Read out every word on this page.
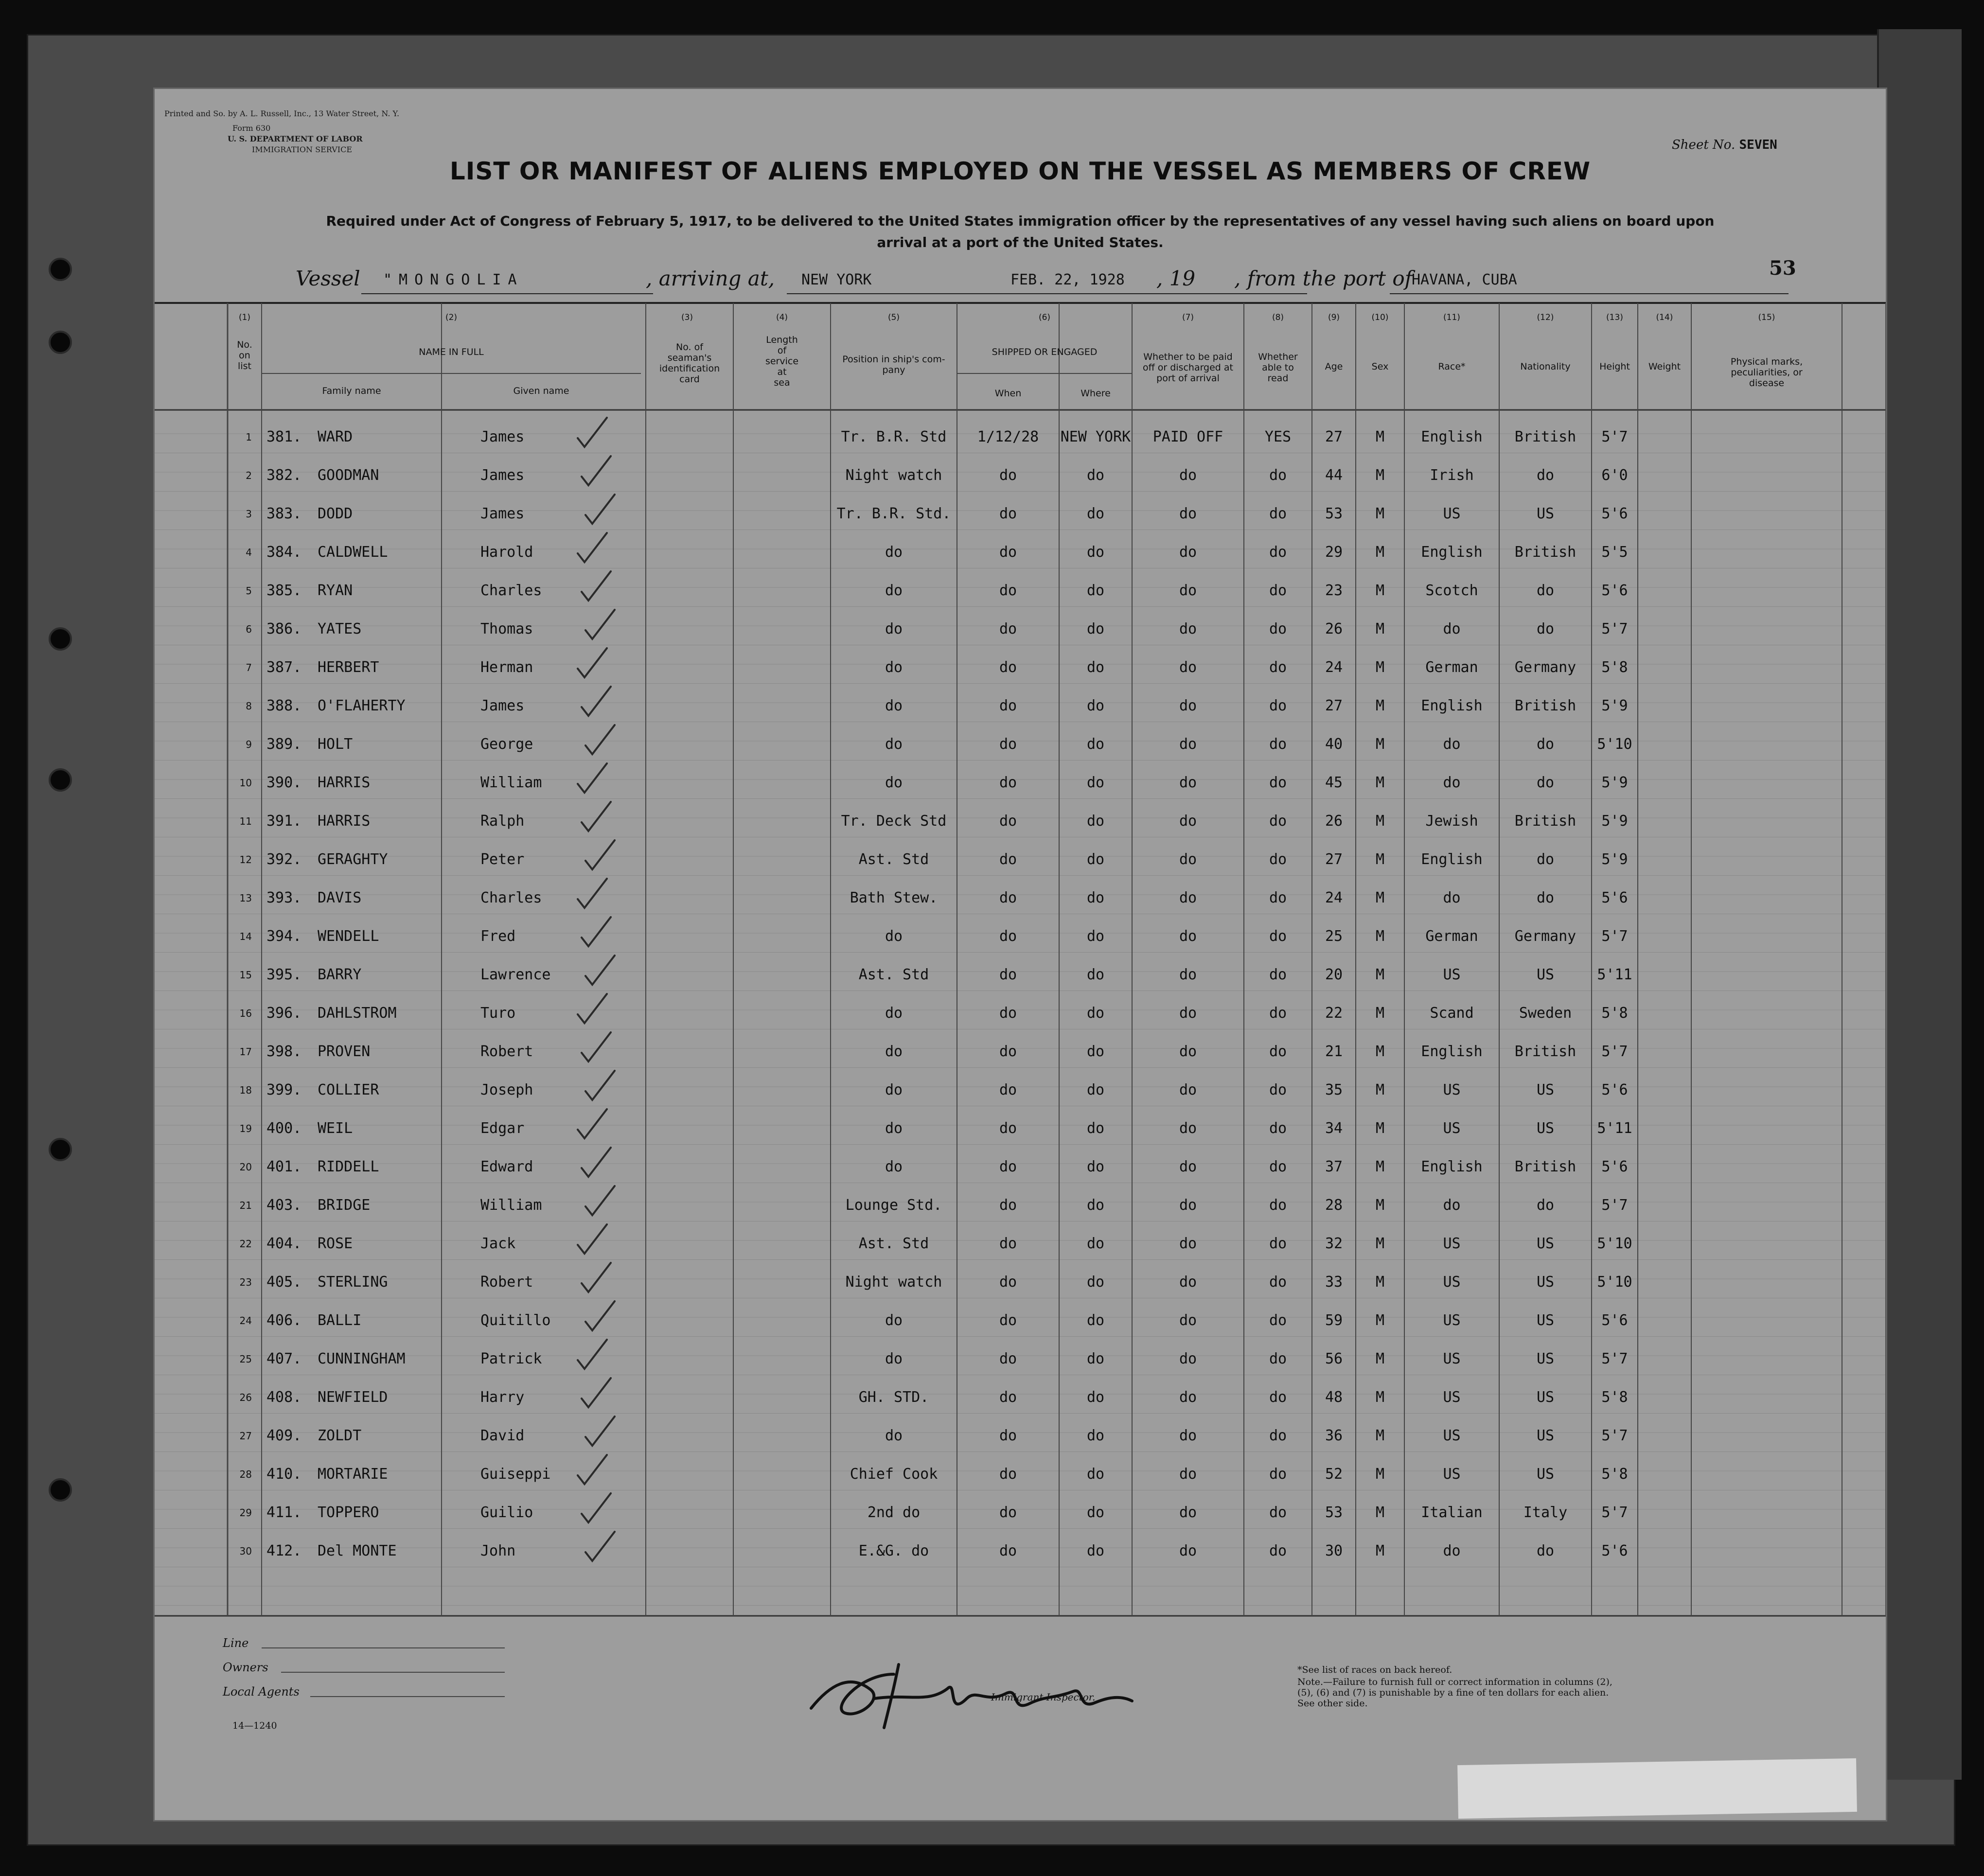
Printed and So. by A. L. Russell, Inc., 13 Water Street, N. Y.
Form 630
U. S. DEPARTMENT OF LABOR
IMMIGRATION SERVICE	Sheet No. SEVEN
LIST OR MANIFEST OF ALIENS EMPLOYED ON THE VESSEL AS MEMBERS OF CREW
Required under Act of Congress of February 5, 1917, to be delivered to the United States immigration officer by the representatives of any vessel having such aliens on board upon arrival at a port of the United States.
Vessel "MONGOLIA	, arriving at, NEW YORK	FEB. 22, 1928 , 19 , from the port of
HAVANA, CUBA
53
(1)	(2)	(3)	(4)	(5)	(6)	(7)	(8)	(9)	(10)	(11)	(12)	(13)	(14)	(15)
No.
on
list
NAME IN FULL
Family name	Given name
No. of
seaman's
identification
card
Length
of
service
at
sea
Position in ship's com-
pany
SHIPPED OR ENGAGED
When	Where
Whether to be paid
off or discharged at
port of arrival
Whether
able to
read
Age	Sex	Race*	Nationality	Height	Weight	Physical marks,
peculiarities, or
disease
1 381. WARD	James	Tr. B.R. Std	1/12/28	NEW YORK	PAID OFF	YES	27	M	English	British	5'7
2 382. GOODMAN	James	Night watch	do	do	do	do	44	M	Irish	do	6'0
3 383. DODD	James	Tr. B.R. Std.	do	do	do	do	53	M	US	US	5'6
4 384. CALDWELL	Harold	do	do	do	do	do	29	M	English	British	5'5
5 385. RYAN	Charles	do	do	do	do	do	23	M	Scotch	do	5'6
6 386. YATES	Thomas	do	do	do	do	do	26	M	do	do	5'7
7 387. HERBERT	Herman	do	do	do	do	do	24	M	German	Germany	5'8
8 388. O'FLAHERTY	James	do	do	do	do	do	27	M	English	British	5'9
9 389. HOLT	George	do	do	do	do	do	40	M	do	do	5'10
10 390. HARRIS	William	do	do	do	do	do	45	M	do	do	5'9
11 391. HARRIS	Ralph	Tr. Deck Std	do	do	do	do	26	M	Jewish	British	5'9
12 392. GERAGHTY	Peter	Ast. Std	do	do	do	do	27	M	English	do	5'9
13 393. DAVIS	Charles	Bath Stew.	do	do	do	do	24	M	do	do	5'6
14 394. WENDELL	Fred	do	do	do	do	do	25	M	German	Germany	5'7
15 395. BARRY	Lawrence	Ast. Std	do	do	do	do	20	M	US	US	5'11
16 396. DAHLSTROM	Turo	do	do	do	do	do	22	M	Scand	Sweden	5'8
17 398. PROVEN	Robert	do	do	do	do	do	21	M	English	British	5'7
18 399. COLLIER	Joseph	do	do	do	do	do	35	M	US	US	5'6
19 400. WEIL	Edgar	do	do	do	do	do	34	M	US	US	5'11
20 401. RIDDELL	Edward	do	do	do	do	do	37	M	English	British	5'6
21 403. BRIDGE	William	Lounge Std.	do	do	do	do	28	M	do	do	5'7
22 404. ROSE	Jack	Ast. Std	do	do	do	do	32	M	US	US	5'10
23 405. STERLING	Robert	Night watch	do	do	do	do	33	M	US	US	5'10
24 406. BALLI	Quitillo	do	do	do	do	do	59	M	US	US	5'6
25 407. CUNNINGHAM	Patrick	do	do	do	do	do	56	M	US	US	5'7
26 408. NEWFIELD	Harry	GH. STD.	do	do	do	do	48	M	US	US	5'8
27 409. ZOLDT	David	do	do	do	do	do	36	M	US	US	5'7
28 410. MORTARIE	Guiseppi	Chief Cook	do	do	do	do	52	M	US	US	5'8
29 411. TOPPERO	Guilio	2nd do	do	do	do	do	53	M	Italian	Italy	5'7
30 412. Del MONTE	John	E.&G. do	do	do	do	do	30	M	do	do	5'6
Line
Owners
Local Agents
14—1240
Immigrant Inspector.
*See list of races on back hereof.
Note.—Failure to furnish full or correct information in columns (2), (5), (6) and (7) is punishable by a fine of ten dollars for each alien. See other side.
